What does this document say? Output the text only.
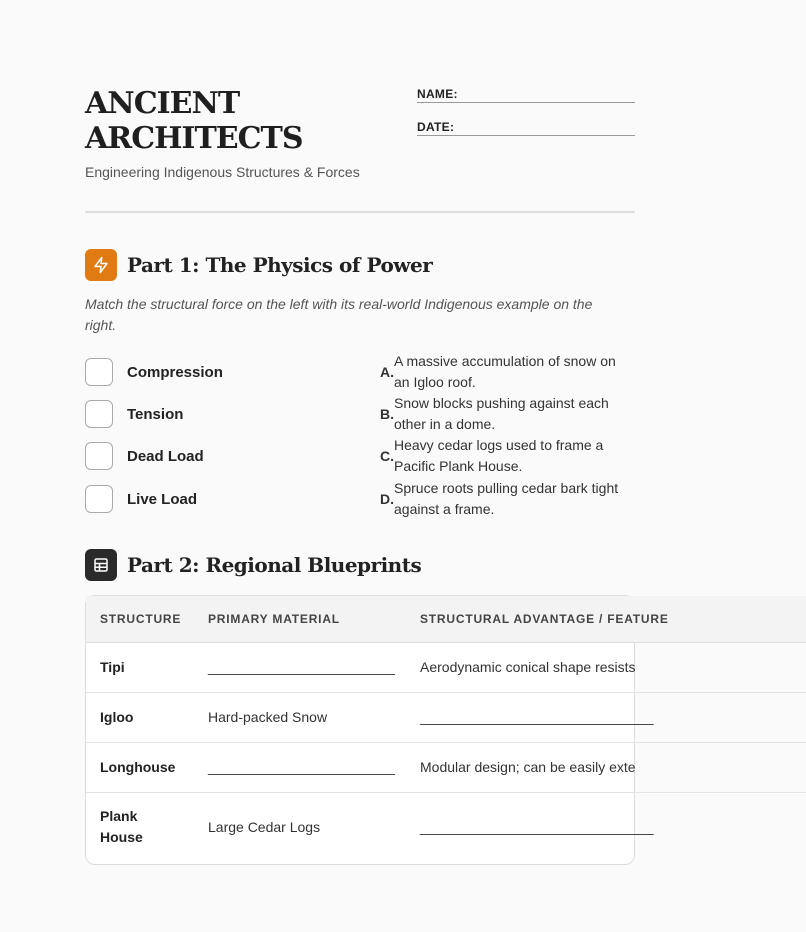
ANCIENT
ARCHITECTS
Engineering Indigenous Structures & Forces
NAME:
DATE:
Part 1: The Physics of Power
Match the structural force on the left with its real-world Indigenous example on the right.
Compression
Tension
Dead Load
Live Load
A.
A massive accumulation of snow on an Igloo roof.
B.
Snow blocks pushing against each other in a dome.
C.
Heavy cedar logs used to frame a Pacific Plank House.
D.
Spruce roots pulling cedar bark tight against a frame.
Part 2: Regional Blueprints
STRUCTURE	PRIMARY MATERIAL	STRUCTURAL ADVANTAGE / FEATURE
Tipi	________________________	Aerodynamic conical shape resists
Igloo	Hard-packed Snow	______________________________
Longhouse	________________________	Modular design; can be easily exte
Plank House	Large Cedar Logs	______________________________
